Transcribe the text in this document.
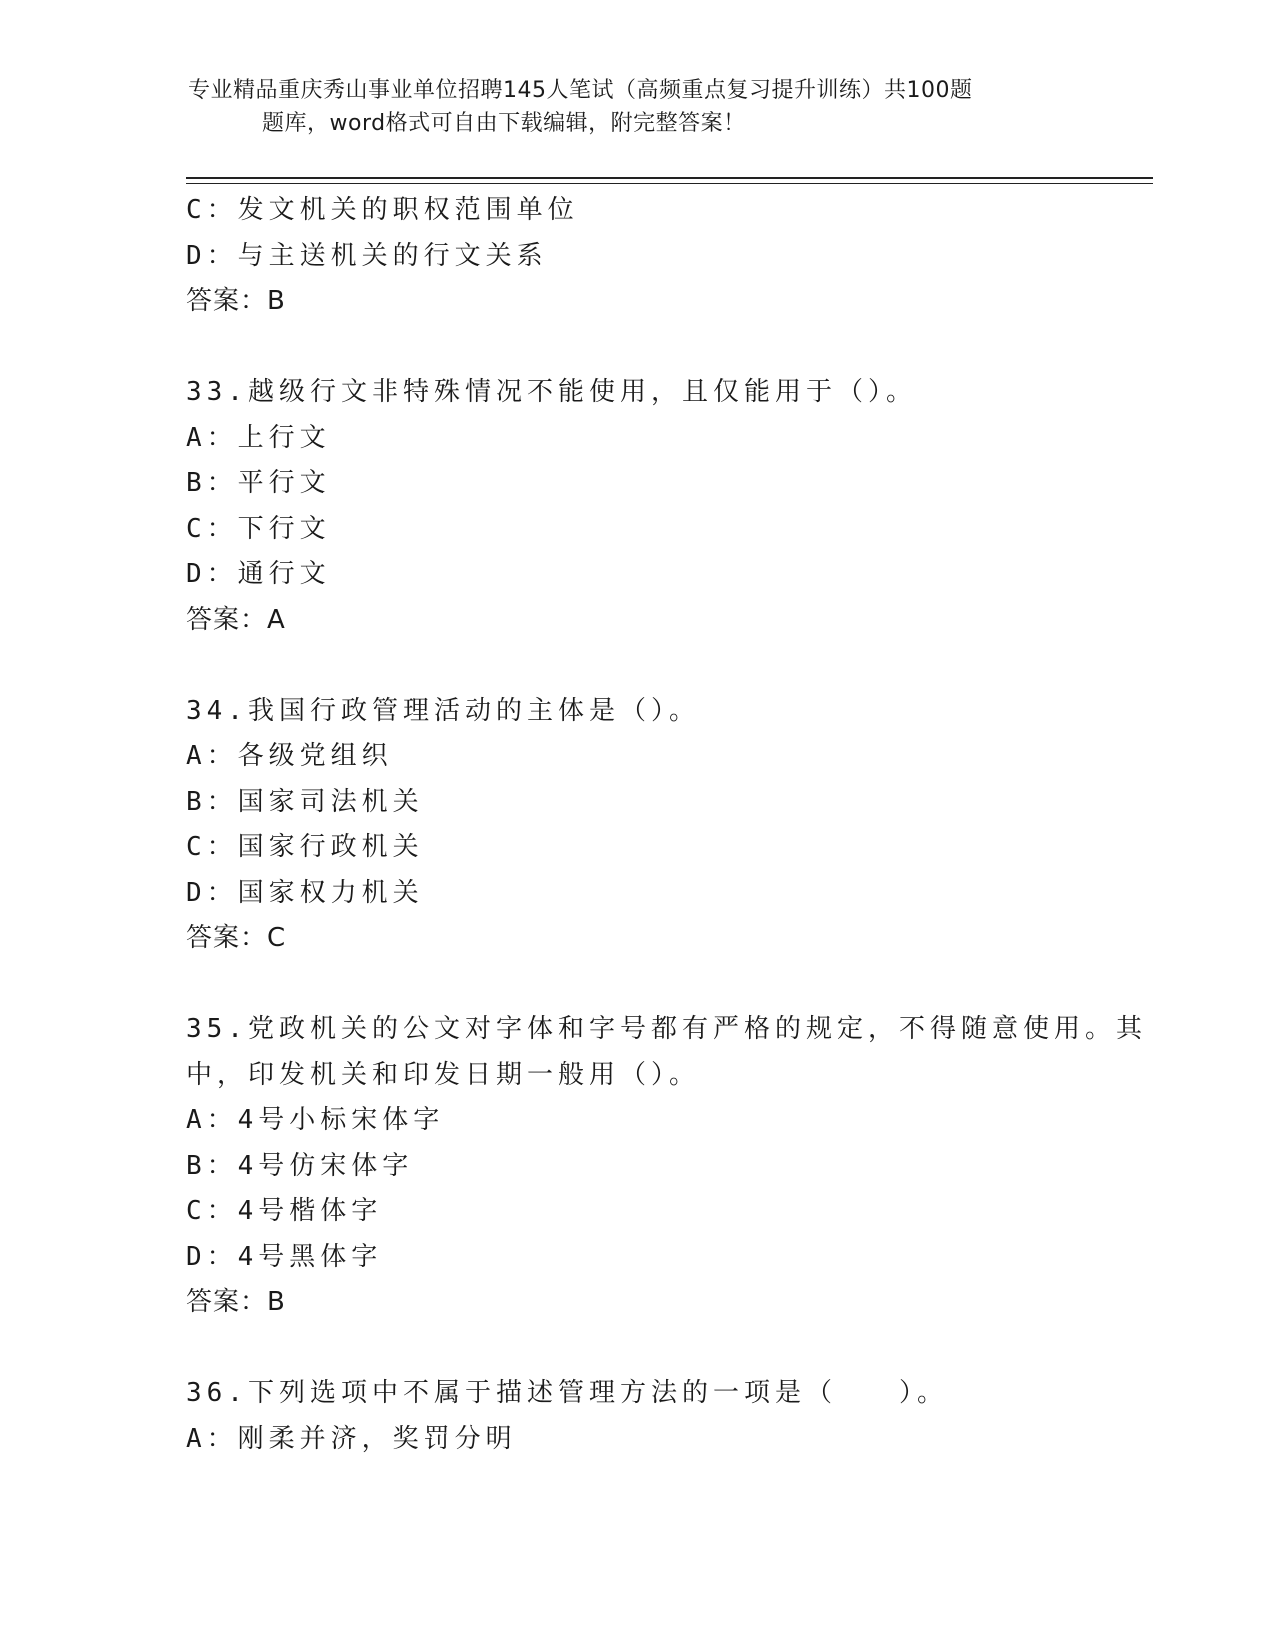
专业精品重庆秀山事业单位招聘145人笔试（高频重点复习提升训练）共100题
题库，word格式可自由下载编辑，附完整答案！
C：发文机关的职权范围单位
D：与主送机关的行文关系
答案：B
33.越级行文非特殊情况不能使用，且仅能用于（）。
A：上行文
B：平行文
C：下行文
D：通行文
答案：A
34.我国行政管理活动的主体是（）。
A：各级党组织
B：国家司法机关
C：国家行政机关
D：国家权力机关
答案：C
35.党政机关的公文对字体和字号都有严格的规定，不得随意使用。其
中，印发机关和印发日期一般用（）。
A：4号小标宋体字
B：4号仿宋体字
C：4号楷体字
D：4号黑体字
答案：B
36.下列选项中不属于描述管理方法的一项是（　　）。
A：刚柔并济，奖罚分明
